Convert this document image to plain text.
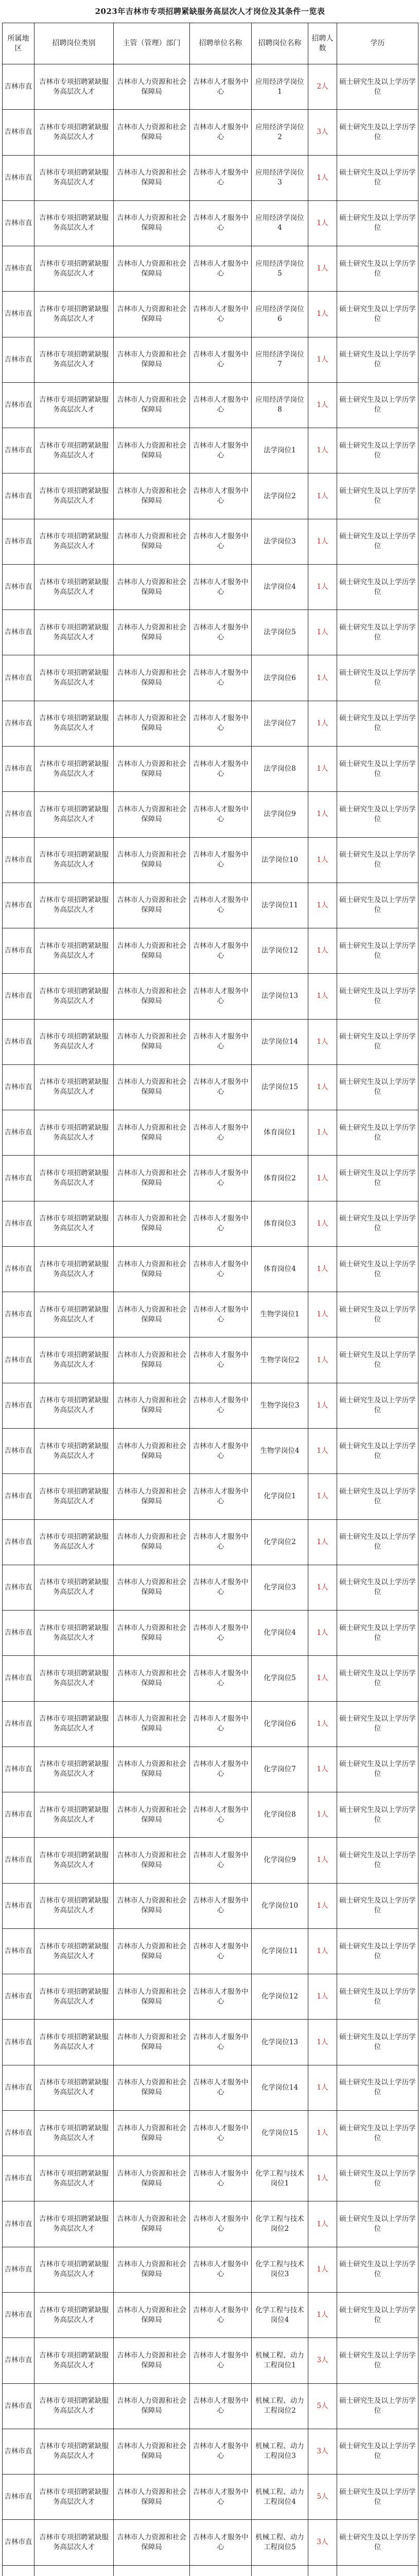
2023年吉林市专项招聘紧缺服务高层次人才岗位及其条件一览表
所属地区	招聘岗位类别	主管（管理）部门	招聘单位名称	招聘岗位名称	招聘人数	学历
吉林市直	吉林市专项招聘紧缺服务高层次人才	吉林市人力资源和社会保障局	吉林市人才服务中心	应用经济学岗位1	2人	硕士研究生及以上学历学位
吉林市直	吉林市专项招聘紧缺服务高层次人才	吉林市人力资源和社会保障局	吉林市人才服务中心	应用经济学岗位2	3人	硕士研究生及以上学历学位
吉林市直	吉林市专项招聘紧缺服务高层次人才	吉林市人力资源和社会保障局	吉林市人才服务中心	应用经济学岗位3	1人	硕士研究生及以上学历学位
吉林市直	吉林市专项招聘紧缺服务高层次人才	吉林市人力资源和社会保障局	吉林市人才服务中心	应用经济学岗位4	1人	硕士研究生及以上学历学位
吉林市直	吉林市专项招聘紧缺服务高层次人才	吉林市人力资源和社会保障局	吉林市人才服务中心	应用经济学岗位5	1人	硕士研究生及以上学历学位
吉林市直	吉林市专项招聘紧缺服务高层次人才	吉林市人力资源和社会保障局	吉林市人才服务中心	应用经济学岗位6	1人	硕士研究生及以上学历学位
吉林市直	吉林市专项招聘紧缺服务高层次人才	吉林市人力资源和社会保障局	吉林市人才服务中心	应用经济学岗位7	1人	硕士研究生及以上学历学位
吉林市直	吉林市专项招聘紧缺服务高层次人才	吉林市人力资源和社会保障局	吉林市人才服务中心	应用经济学岗位8	1人	硕士研究生及以上学历学位
吉林市直	吉林市专项招聘紧缺服务高层次人才	吉林市人力资源和社会保障局	吉林市人才服务中心	法学岗位1	1人	硕士研究生及以上学历学位
吉林市直	吉林市专项招聘紧缺服务高层次人才	吉林市人力资源和社会保障局	吉林市人才服务中心	法学岗位2	1人	硕士研究生及以上学历学位
吉林市直	吉林市专项招聘紧缺服务高层次人才	吉林市人力资源和社会保障局	吉林市人才服务中心	法学岗位3	1人	硕士研究生及以上学历学位
吉林市直	吉林市专项招聘紧缺服务高层次人才	吉林市人力资源和社会保障局	吉林市人才服务中心	法学岗位4	1人	硕士研究生及以上学历学位
吉林市直	吉林市专项招聘紧缺服务高层次人才	吉林市人力资源和社会保障局	吉林市人才服务中心	法学岗位5	1人	硕士研究生及以上学历学位
吉林市直	吉林市专项招聘紧缺服务高层次人才	吉林市人力资源和社会保障局	吉林市人才服务中心	法学岗位6	1人	硕士研究生及以上学历学位
吉林市直	吉林市专项招聘紧缺服务高层次人才	吉林市人力资源和社会保障局	吉林市人才服务中心	法学岗位7	1人	硕士研究生及以上学历学位
吉林市直	吉林市专项招聘紧缺服务高层次人才	吉林市人力资源和社会保障局	吉林市人才服务中心	法学岗位8	1人	硕士研究生及以上学历学位
吉林市直	吉林市专项招聘紧缺服务高层次人才	吉林市人力资源和社会保障局	吉林市人才服务中心	法学岗位9	1人	硕士研究生及以上学历学位
吉林市直	吉林市专项招聘紧缺服务高层次人才	吉林市人力资源和社会保障局	吉林市人才服务中心	法学岗位10	1人	硕士研究生及以上学历学位
吉林市直	吉林市专项招聘紧缺服务高层次人才	吉林市人力资源和社会保障局	吉林市人才服务中心	法学岗位11	1人	硕士研究生及以上学历学位
吉林市直	吉林市专项招聘紧缺服务高层次人才	吉林市人力资源和社会保障局	吉林市人才服务中心	法学岗位12	1人	硕士研究生及以上学历学位
吉林市直	吉林市专项招聘紧缺服务高层次人才	吉林市人力资源和社会保障局	吉林市人才服务中心	法学岗位13	1人	硕士研究生及以上学历学位
吉林市直	吉林市专项招聘紧缺服务高层次人才	吉林市人力资源和社会保障局	吉林市人才服务中心	法学岗位14	1人	硕士研究生及以上学历学位
吉林市直	吉林市专项招聘紧缺服务高层次人才	吉林市人力资源和社会保障局	吉林市人才服务中心	法学岗位15	1人	硕士研究生及以上学历学位
吉林市直	吉林市专项招聘紧缺服务高层次人才	吉林市人力资源和社会保障局	吉林市人才服务中心	体育岗位1	1人	硕士研究生及以上学历学位
吉林市直	吉林市专项招聘紧缺服务高层次人才	吉林市人力资源和社会保障局	吉林市人才服务中心	体育岗位2	1人	硕士研究生及以上学历学位
吉林市直	吉林市专项招聘紧缺服务高层次人才	吉林市人力资源和社会保障局	吉林市人才服务中心	体育岗位3	1人	硕士研究生及以上学历学位
吉林市直	吉林市专项招聘紧缺服务高层次人才	吉林市人力资源和社会保障局	吉林市人才服务中心	体育岗位4	1人	硕士研究生及以上学历学位
吉林市直	吉林市专项招聘紧缺服务高层次人才	吉林市人力资源和社会保障局	吉林市人才服务中心	生物学岗位1	1人	硕士研究生及以上学历学位
吉林市直	吉林市专项招聘紧缺服务高层次人才	吉林市人力资源和社会保障局	吉林市人才服务中心	生物学岗位2	1人	硕士研究生及以上学历学位
吉林市直	吉林市专项招聘紧缺服务高层次人才	吉林市人力资源和社会保障局	吉林市人才服务中心	生物学岗位3	1人	硕士研究生及以上学历学位
吉林市直	吉林市专项招聘紧缺服务高层次人才	吉林市人力资源和社会保障局	吉林市人才服务中心	生物学岗位4	1人	硕士研究生及以上学历学位
吉林市直	吉林市专项招聘紧缺服务高层次人才	吉林市人力资源和社会保障局	吉林市人才服务中心	化学岗位1	1人	硕士研究生及以上学历学位
吉林市直	吉林市专项招聘紧缺服务高层次人才	吉林市人力资源和社会保障局	吉林市人才服务中心	化学岗位2	1人	硕士研究生及以上学历学位
吉林市直	吉林市专项招聘紧缺服务高层次人才	吉林市人力资源和社会保障局	吉林市人才服务中心	化学岗位3	1人	硕士研究生及以上学历学位
吉林市直	吉林市专项招聘紧缺服务高层次人才	吉林市人力资源和社会保障局	吉林市人才服务中心	化学岗位4	1人	硕士研究生及以上学历学位
吉林市直	吉林市专项招聘紧缺服务高层次人才	吉林市人力资源和社会保障局	吉林市人才服务中心	化学岗位5	1人	硕士研究生及以上学历学位
吉林市直	吉林市专项招聘紧缺服务高层次人才	吉林市人力资源和社会保障局	吉林市人才服务中心	化学岗位6	1人	硕士研究生及以上学历学位
吉林市直	吉林市专项招聘紧缺服务高层次人才	吉林市人力资源和社会保障局	吉林市人才服务中心	化学岗位7	1人	硕士研究生及以上学历学位
吉林市直	吉林市专项招聘紧缺服务高层次人才	吉林市人力资源和社会保障局	吉林市人才服务中心	化学岗位8	1人	硕士研究生及以上学历学位
吉林市直	吉林市专项招聘紧缺服务高层次人才	吉林市人力资源和社会保障局	吉林市人才服务中心	化学岗位9	1人	硕士研究生及以上学历学位
吉林市直	吉林市专项招聘紧缺服务高层次人才	吉林市人力资源和社会保障局	吉林市人才服务中心	化学岗位10	1人	硕士研究生及以上学历学位
吉林市直	吉林市专项招聘紧缺服务高层次人才	吉林市人力资源和社会保障局	吉林市人才服务中心	化学岗位11	1人	硕士研究生及以上学历学位
吉林市直	吉林市专项招聘紧缺服务高层次人才	吉林市人力资源和社会保障局	吉林市人才服务中心	化学岗位12	1人	硕士研究生及以上学历学位
吉林市直	吉林市专项招聘紧缺服务高层次人才	吉林市人力资源和社会保障局	吉林市人才服务中心	化学岗位13	1人	硕士研究生及以上学历学位
吉林市直	吉林市专项招聘紧缺服务高层次人才	吉林市人力资源和社会保障局	吉林市人才服务中心	化学岗位14	1人	硕士研究生及以上学历学位
吉林市直	吉林市专项招聘紧缺服务高层次人才	吉林市人力资源和社会保障局	吉林市人才服务中心	化学岗位15	1人	硕士研究生及以上学历学位
吉林市直	吉林市专项招聘紧缺服务高层次人才	吉林市人力资源和社会保障局	吉林市人才服务中心	化学工程与技术岗位1	1人	硕士研究生及以上学历学位
吉林市直	吉林市专项招聘紧缺服务高层次人才	吉林市人力资源和社会保障局	吉林市人才服务中心	化学工程与技术岗位2	1人	硕士研究生及以上学历学位
吉林市直	吉林市专项招聘紧缺服务高层次人才	吉林市人力资源和社会保障局	吉林市人才服务中心	化学工程与技术岗位3	1人	硕士研究生及以上学历学位
吉林市直	吉林市专项招聘紧缺服务高层次人才	吉林市人力资源和社会保障局	吉林市人才服务中心	化学工程与技术岗位4	1人	硕士研究生及以上学历学位
吉林市直	吉林市专项招聘紧缺服务高层次人才	吉林市人力资源和社会保障局	吉林市人才服务中心	机械工程、动力工程岗位1	3人	硕士研究生及以上学历学位
吉林市直	吉林市专项招聘紧缺服务高层次人才	吉林市人力资源和社会保障局	吉林市人才服务中心	机械工程、动力工程岗位2	5人	硕士研究生及以上学历学位
吉林市直	吉林市专项招聘紧缺服务高层次人才	吉林市人力资源和社会保障局	吉林市人才服务中心	机械工程、动力工程岗位3	3人	硕士研究生及以上学历学位
吉林市直	吉林市专项招聘紧缺服务高层次人才	吉林市人力资源和社会保障局	吉林市人才服务中心	机械工程、动力工程岗位4	5人	硕士研究生及以上学历学位
吉林市直	吉林市专项招聘紧缺服务高层次人才	吉林市人力资源和社会保障局	吉林市人才服务中心	机械工程、动力工程岗位5	3人	硕士研究生及以上学历学位
